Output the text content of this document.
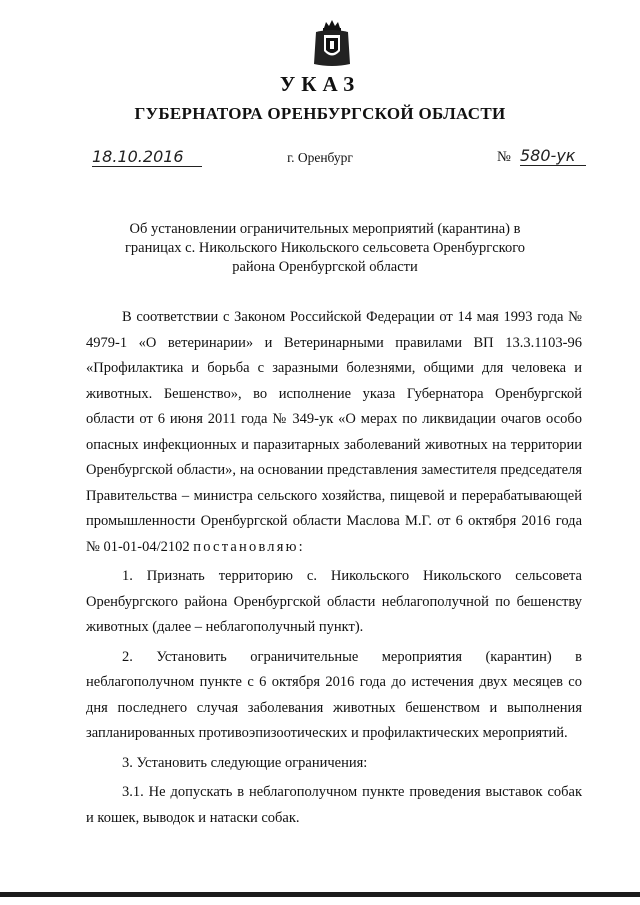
УКАЗ
ГУБЕРНАТОРА ОРЕНБУРГСКОЙ ОБЛАСТИ
18.10.2016	г. Оренбург	№ 580-ук
Об установлении ограничительных мероприятий (карантина) в границах с. Никольского Никольского сельсовета Оренбургского района Оренбургской области

В соответствии с Законом Российской Федерации от 14 мая 1993 года № 4979-1 «О ветеринарии» и Ветеринарными правилами ВП 13.3.1103-96 «Профилактика и борьба с заразными болезнями, общими для человека и животных. Бешенство», во исполнение указа Губернатора Оренбургской области от 6 июня 2011 года № 349-ук «О мерах по ликвидации очагов особо опасных инфекционных и паразитарных заболеваний животных на территории Оренбургской области», на основании представления заместителя председателя Правительства – министра сельского хозяйства, пищевой и перерабатывающей промышленности Оренбургской области Маслова М.Г. от 6 октября 2016 года № 01-01-04/2102 постановляю:

1. Признать территорию с. Никольского Никольского сельсовета Оренбургского района Оренбургской области неблагополучной по бешенству животных (далее – неблагополучный пункт).

2. Установить ограничительные мероприятия (карантин) в неблагополучном пункте с 6 октября 2016 года до истечения двух месяцев со дня последнего случая заболевания животных бешенством и выполнения запланированных противоэпизоотических и профилактических мероприятий.

3. Установить следующие ограничения:

3.1. Не допускать в неблагополучном пункте проведения выставок собак и кошек, выводок и натаски собак.
